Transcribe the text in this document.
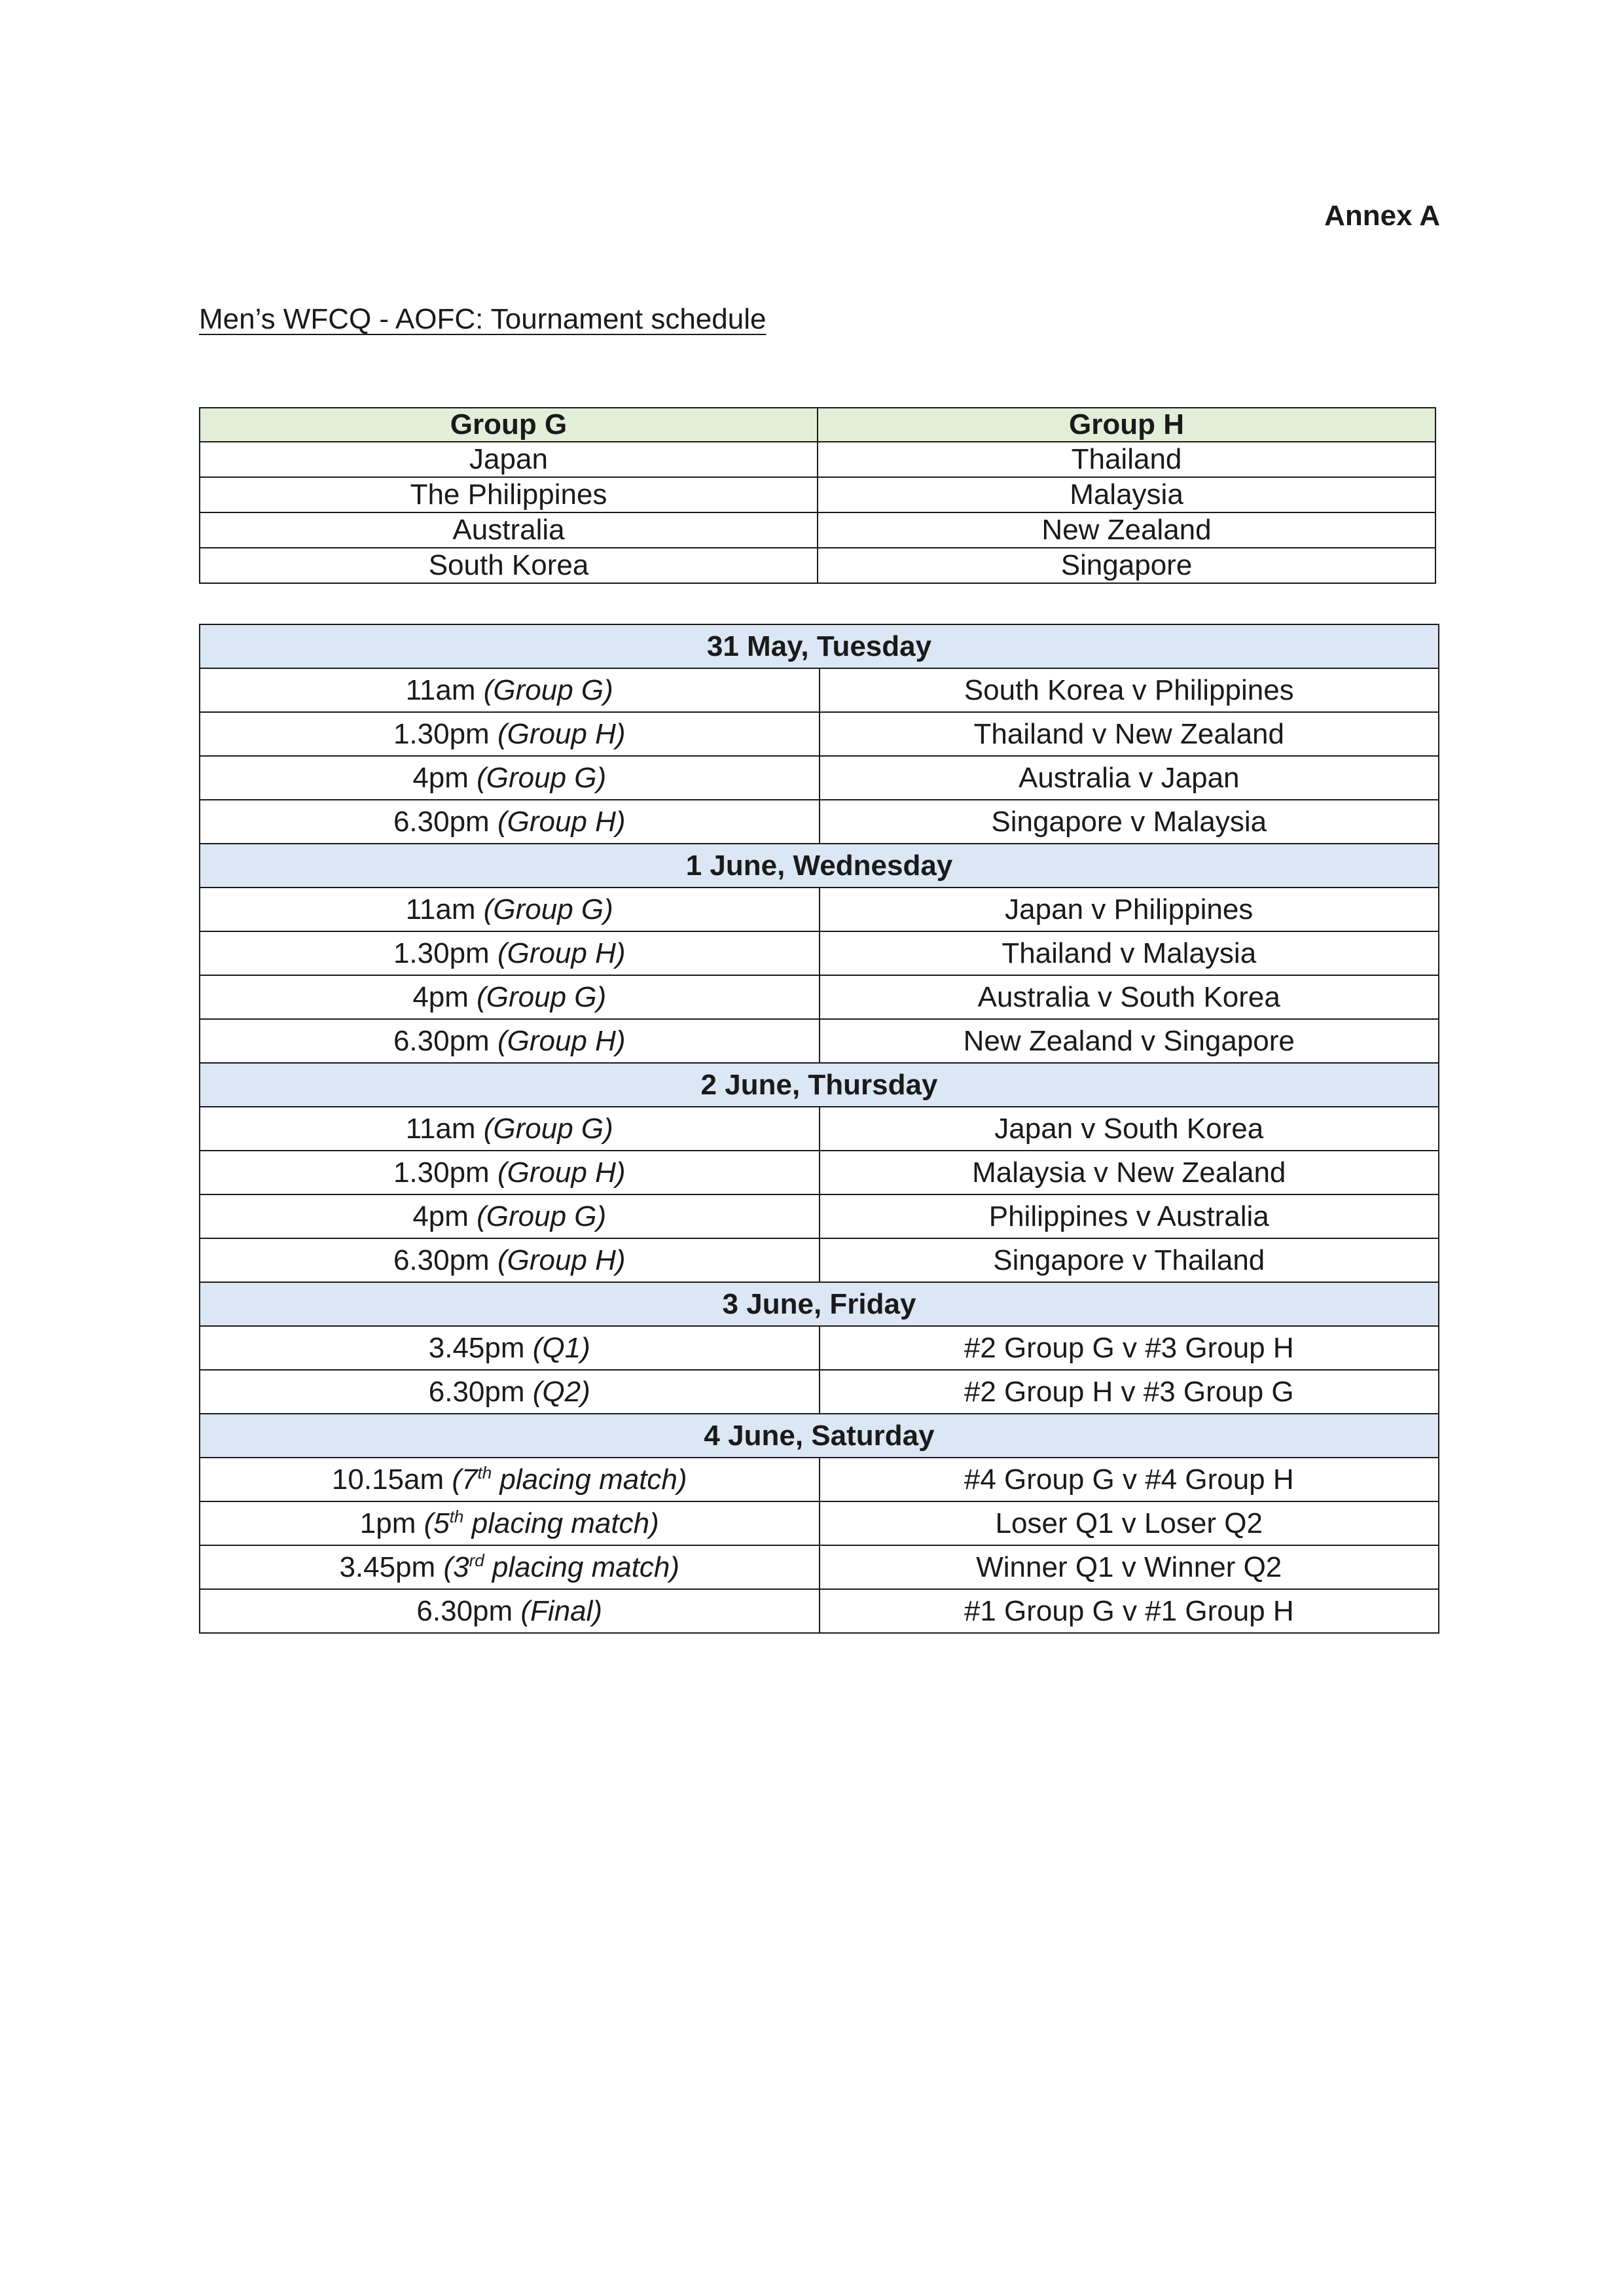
Annex A
Men’s WFCQ - AOFC: Tournament schedule
Group G	Group H
Japan	Thailand
The Philippines	Malaysia
Australia	New Zealand
South Korea	Singapore
31 May, Tuesday	
11am (Group G)	South Korea v Philippines
1.30pm (Group H)	Thailand v New Zealand
4pm (Group G)	Australia v Japan
6.30pm (Group H)	Singapore v Malaysia
1 June, Wednesday	
11am (Group G)	Japan v Philippines
1.30pm (Group H)	Thailand v Malaysia
4pm (Group G)	Australia v South Korea
6.30pm (Group H)	New Zealand v Singapore
2 June, Thursday	
11am (Group G)	Japan v South Korea
1.30pm (Group H)	Malaysia v New Zealand
4pm (Group G)	Philippines v Australia
6.30pm (Group H)	Singapore v Thailand
3 June, Friday	
3.45pm (Q1)	#2 Group G v #3 Group H
6.30pm (Q2)	#2 Group H v #3 Group G
4 June, Saturday	
10.15am (7th placing match)	#4 Group G v #4 Group H
1pm (5th placing match)	Loser Q1 v Loser Q2
3.45pm (3rd placing match)	Winner Q1 v Winner Q2
6.30pm (Final)	#1 Group G v #1 Group H
